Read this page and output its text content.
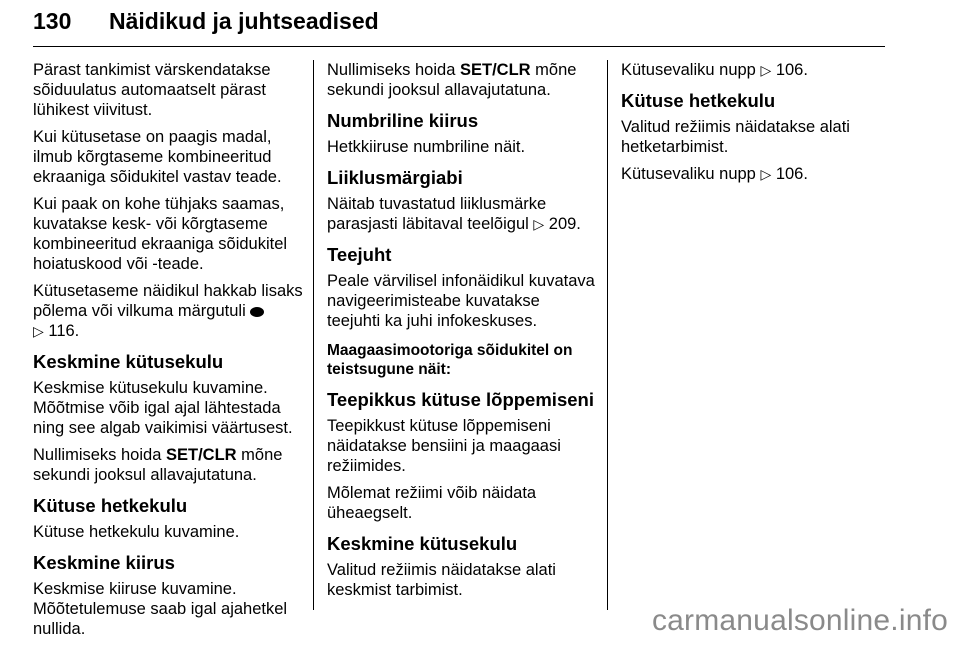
130 Näidikud ja juhtseadised

Pärast tankimist värskendatakse sõiduulatus automaatselt pärast lühikest viivitust.

Kui kütusetase on paagis madal, ilmub kõrgtaseme kombineeritud ekraaniga sõidukitel vastav teade.

Kui paak on kohe tühjaks saamas, kuvatakse kesk- või kõrgtaseme kombineeritud ekraaniga sõidukitel hoiatuskood või -teade.

Kütusetaseme näidikul hakkab lisaks põlema või vilkuma märgutuli
▷ 116.

Keskmine kütusekulu

Keskmise kütusekulu kuvamine. Mõõtmise võib igal ajal lähtestada ning see algab vaikimisi väärtusest.

Nullimiseks hoida SET/CLR mõne sekundi jooksul allavajutatuna.

Kütuse hetkekulu

Kütuse hetkekulu kuvamine.

Keskmine kiirus

Keskmise kiiruse kuvamine. Mõõtetulemuse saab igal ajahetkel nullida.

Nullimiseks hoida SET/CLR mõne sekundi jooksul allavajutatuna.

Numbriline kiirus

Hetkkiiruse numbriline näit.

Liiklusmärgiabi

Näitab tuvastatud liiklusmärke parasjasti läbitaval teelõigul ▷ 209.

Teejuht

Peale värvilisel infonäidikul kuvatava navigeerimisteabe kuvatakse teejuhti ka juhi infokeskuses.

Maagaasimootoriga sõidukitel on teistsugune näit:
Teepikkus kütuse lõppemiseni

Teepikkust kütuse lõppemiseni näidatakse bensiini ja maagaasi režiimides.

Mõlemat režiimi võib näidata üheaegselt.

Keskmine kütusekulu

Valitud režiimis näidatakse alati keskmist tarbimist.

Kütusevaliku nupp ▷ 106.

Kütuse hetkekulu

Valitud režiimis näidatakse alati hetketarbimist.

Kütusevaliku nupp ▷ 106.

carmanualsonline.info
